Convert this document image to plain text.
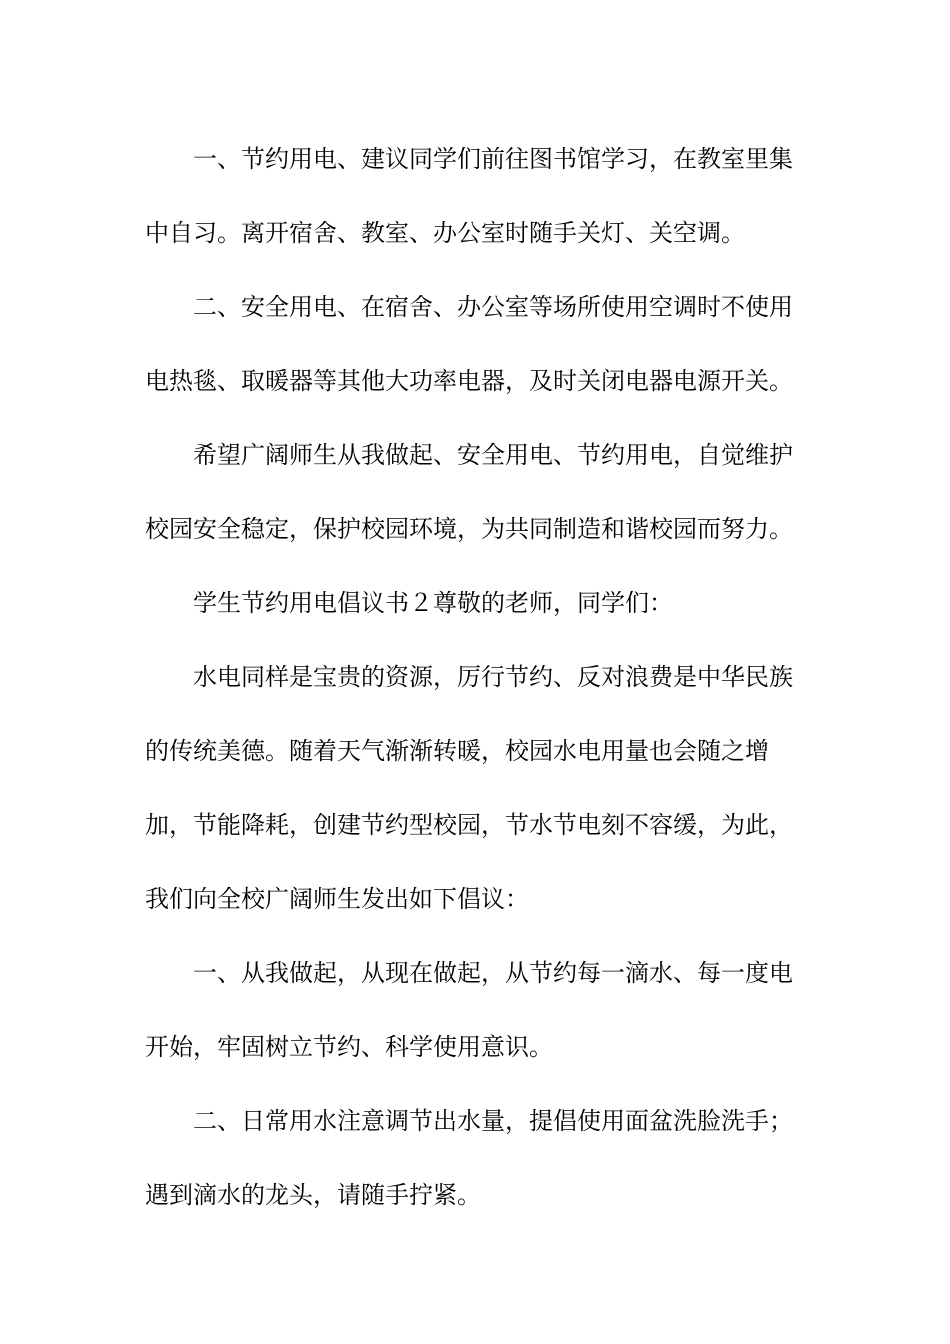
一、节约用电、建议同学们前往图书馆学习，在教室里集中自习。离开宿舍、教室、办公室时随手关灯、关空调。

二、安全用电、在宿舍、办公室等场所使用空调时不使用电热毯、取暖器等其他大功率电器，及时关闭电器电源开关。

希望广阔师生从我做起、安全用电、节约用电，自觉维护校园安全稳定，保护校园环境，为共同制造和谐校园而努力。

学生节约用电倡议书２尊敬的老师，同学们：

水电同样是宝贵的资源，厉行节约、反对浪费是中华民族的传统美德。随着天气渐渐转暖，校园水电用量也会随之增加，节能降耗，创建节约型校园，节水节电刻不容缓，为此，我们向全校广阔师生发出如下倡议：

一、从我做起，从现在做起，从节约每一滴水、每一度电开始，牢固树立节约、科学使用意识。

二、日常用水注意调节出水量，提倡使用面盆洗脸洗手；遇到滴水的龙头，请随手拧紧。
